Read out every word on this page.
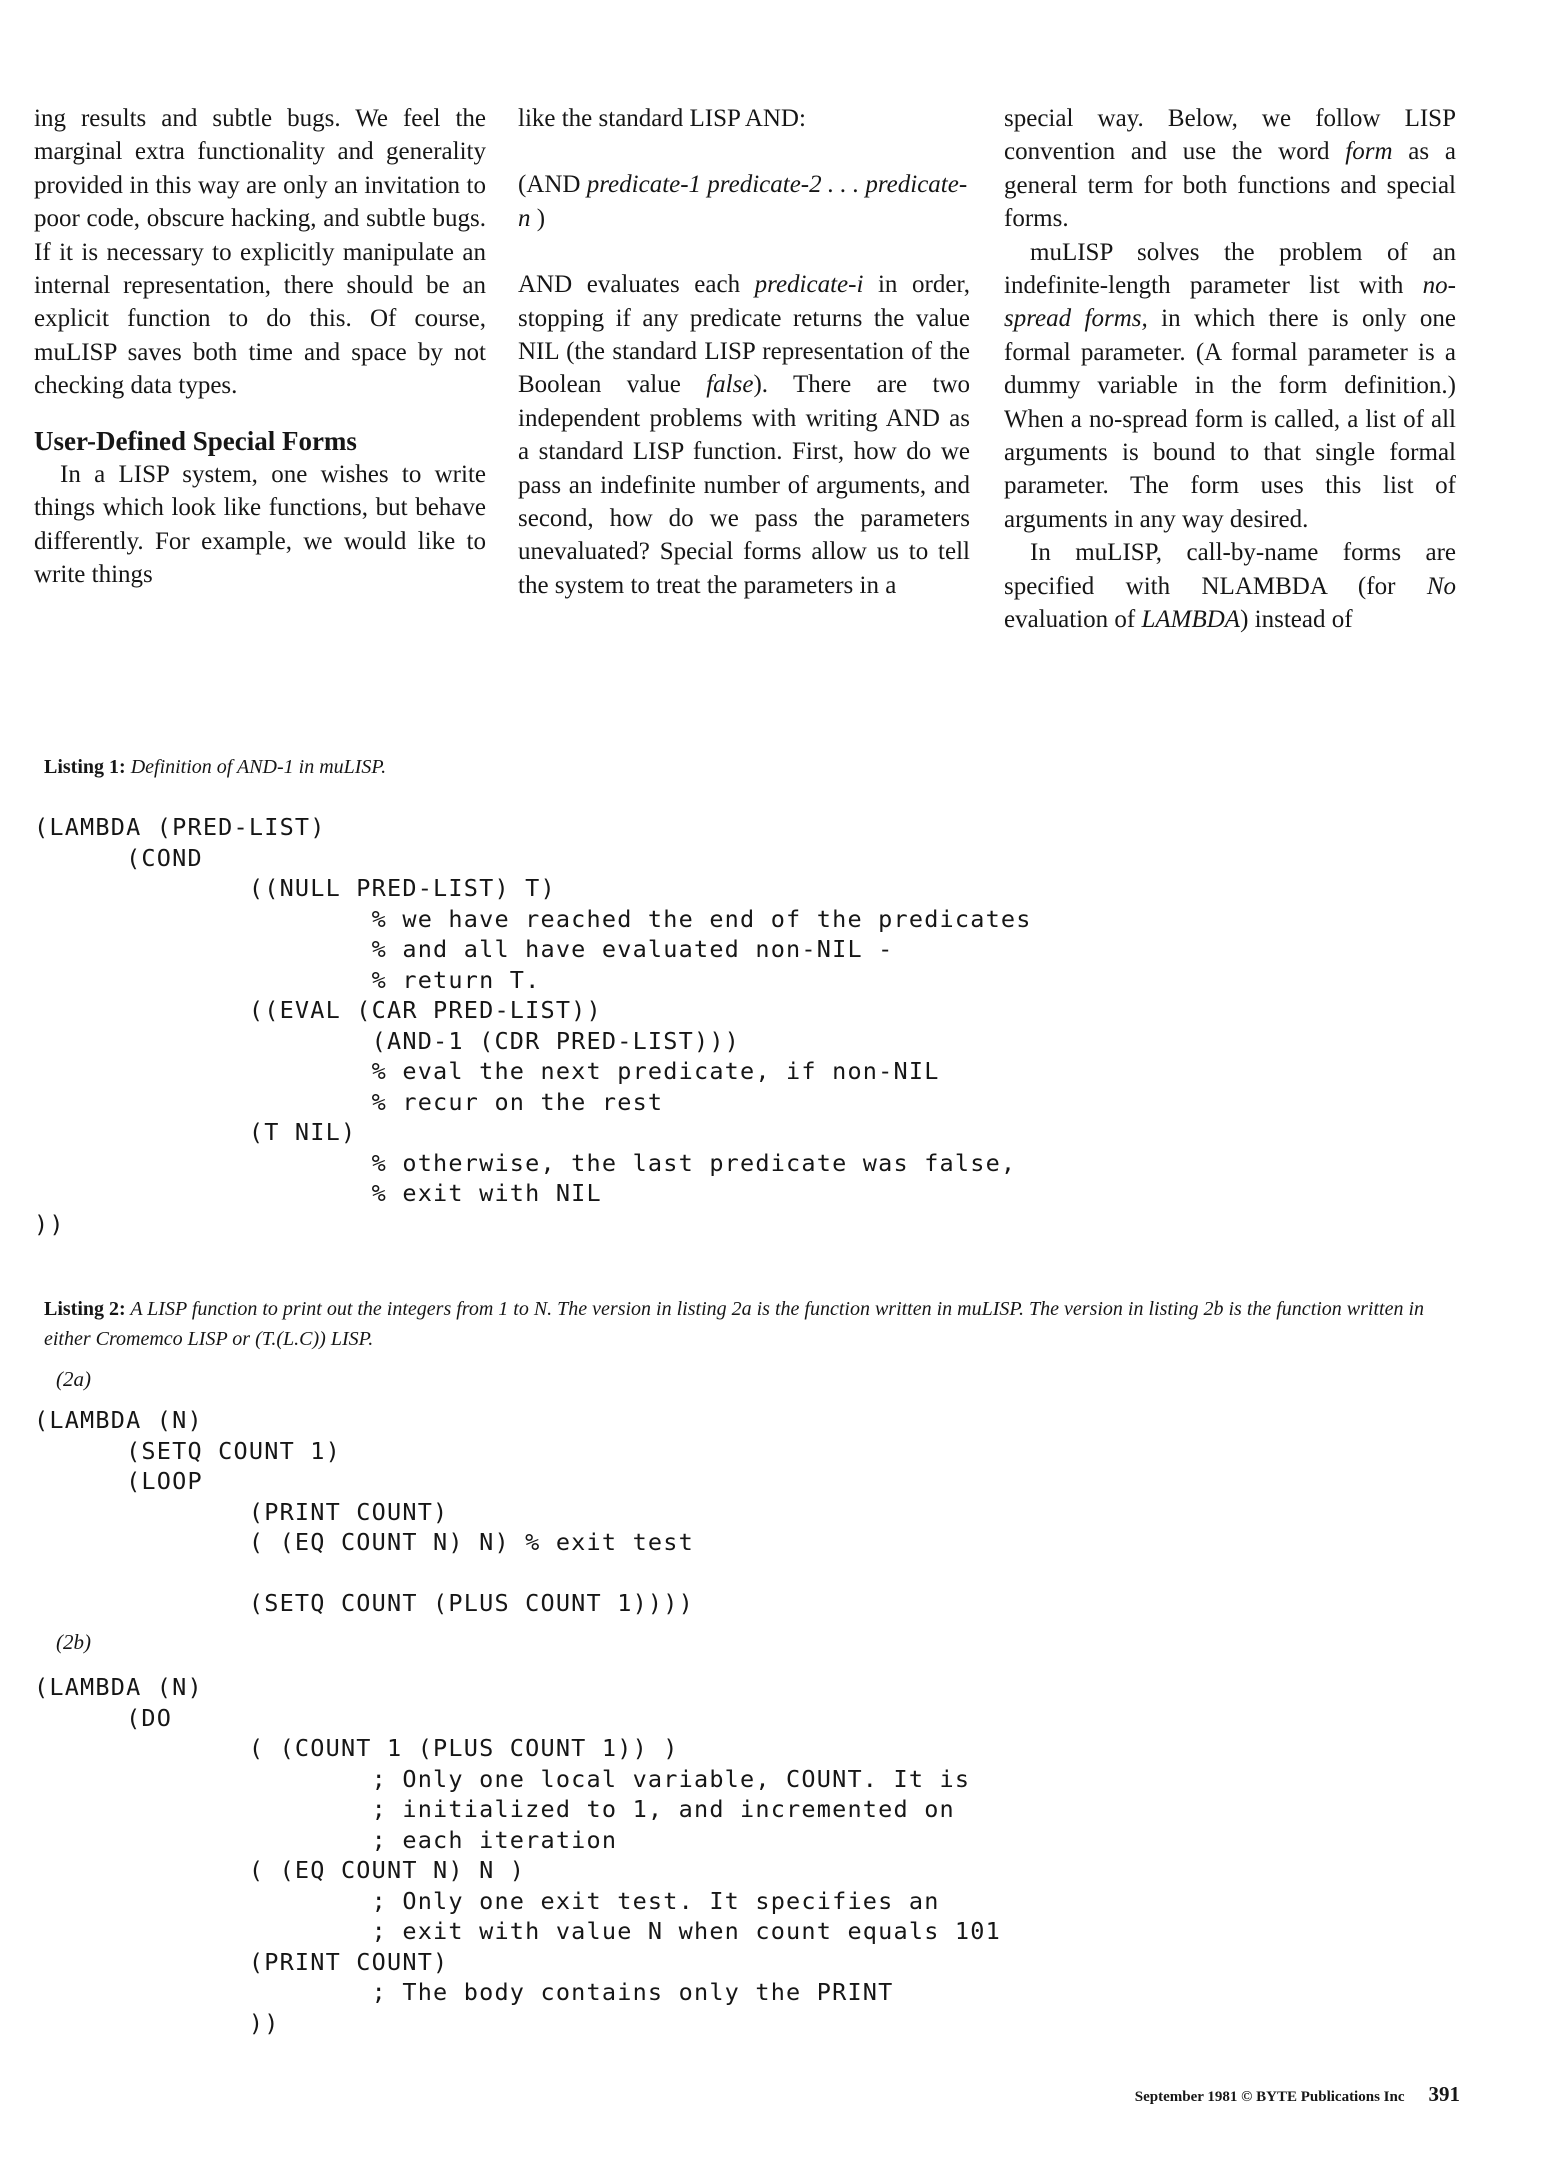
ing results and subtle bugs. We feel the marginal extra functionality and generality provided in this way are only an invitation to poor code, obscure hacking, and subtle bugs. If it is necessary to explicitly manipulate an internal representation, there should be an explicit function to do this. Of course, muLISP saves both time and space by not checking data types.

User-Defined Special Forms

In a LISP system, one wishes to write things which look like functions, but behave differently. For example, we would like to write things

like the standard LISP AND:

(AND predicate-1 predicate-2 . . . predicate-n )

AND evaluates each predicate-i in order, stopping if any predicate returns the value NIL (the standard LISP representation of the Boolean value false). There are two independent problems with writing AND as a standard LISP function. First, how do we pass an indefinite number of arguments, and second, how do we pass the parameters unevaluated? Special forms allow us to tell the system to treat the parameters in a

special way. Below, we follow LISP convention and use the word form as a general term for both functions and special forms.

muLISP solves the problem of an indefinite-length parameter list with no-spread forms, in which there is only one formal parameter. (A formal parameter is a dummy variable in the form definition.) When a no-spread form is called, a list of all arguments is bound to that single formal parameter. The form uses this list of arguments in any way desired.

In muLISP, call-by-name forms are specified with NLAMBDA (for No evaluation of LAMBDA) instead of

Listing 1: Definition of AND-1 in muLISP.
(LAMBDA (PRED-LIST)
(COND
((NULL PRED-LIST) T)
% we have reached the end of the predicates
% and all have evaluated non-NIL -
% return T.
((EVAL (CAR PRED-LIST))
(AND-1 (CDR PRED-LIST)))
% eval the next predicate, if non-NIL
% recur on the rest
(T NIL)
% otherwise, the last predicate was false,
% exit with NIL
))
Listing 2: A LISP function to print out the integers from 1 to N. The version in listing 2a is the function written in muLISP. The version in listing 2b is the function written in either Cromemco LISP or (T.(L.C)) LISP.
(2a)
(LAMBDA (N)
(SETQ COUNT 1)
(LOOP
(PRINT COUNT)
( (EQ COUNT N) N) % exit test

(SETQ COUNT (PLUS COUNT 1))))
(2b)
(LAMBDA (N)
(DO
( (COUNT 1 (PLUS COUNT 1)) )
; Only one local variable, COUNT. It is
; initialized to 1, and incremented on
; each iteration
( (EQ COUNT N) N )
; Only one exit test. It specifies an
; exit with value N when count equals 101
(PRINT COUNT)
; The body contains only the PRINT
))
September 1981 © BYTE Publications Inc 391
